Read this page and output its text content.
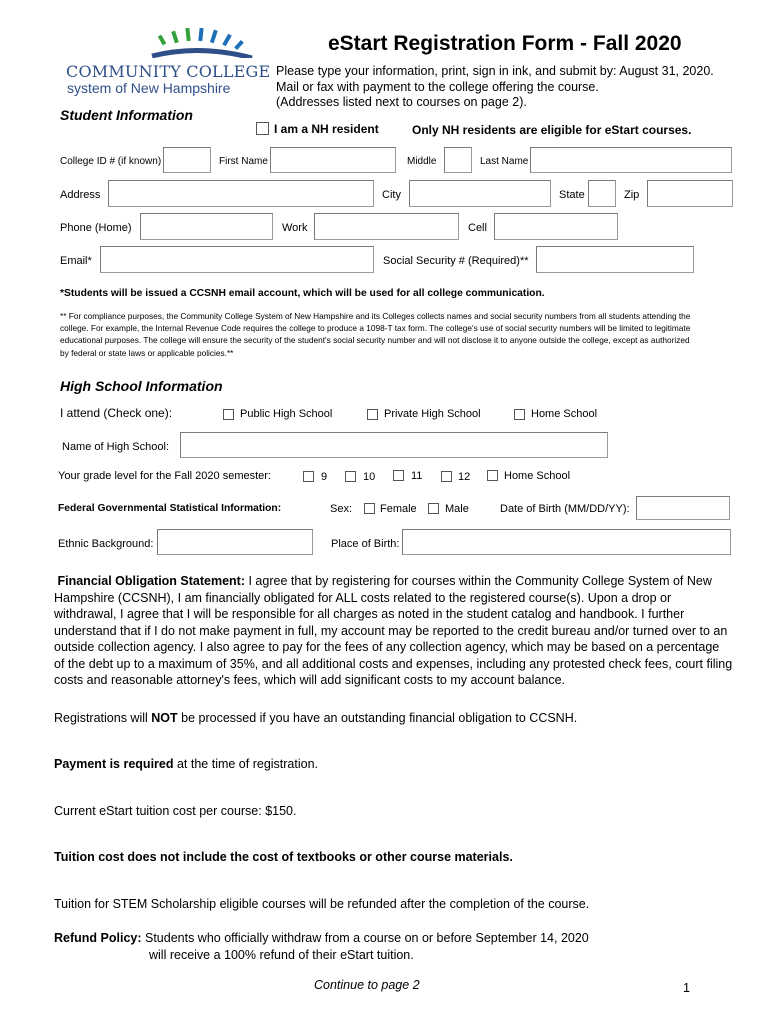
COMMUNITY COLLEGE
system of New Hampshire
eStart Registration Form - Fall 2020
Please type your information, print, sign in ink, and submit by: August 31, 2020.
Mail or fax with payment to the college offering the course.
(Addresses listed next to courses on page 2).
Student Information
I am a NH resident	Only NH residents are eligible for eStart courses.
College ID # (if known)	First Name	Middle	Last Name
Address	City	State	Zip
Phone (Home)	Work	Cell
Email*	Social Security # (Required)**
*Students will be issued a CCSNH email account, which will be used for all college communication.
** For compliance purposes, the Community College System of New Hampshire and its Colleges collects names and social security numbers from all students attending the
college. For example, the Internal Revenue Code requires the college to produce a 1098-T tax form. The college's use of social security numbers will be limited to legitimate
educational purposes. The college will ensure the security of the student's social security number and will not disclose it to anyone outside the college, except as authorized
by federal or state laws or applicable policies.**
High School Information
I attend (Check one):	Public High School	Private High School	Home School
Name of High School:
Your grade level for the Fall 2020 semester:	9	10	11	12	Home School
Federal Governmental Statistical Information:	Sex:	Female	Male	Date of Birth (MM/DD/YY):
Ethnic Background:	Place of Birth:
Financial Obligation Statement: I agree that by registering for courses within the Community College System of New
Hampshire (CCSNH), I am financially obligated for ALL costs related to the registered course(s). Upon a drop or
withdrawal, I agree that I will be responsible for all charges as noted in the student catalog and handbook. I further
understand that if I do not make payment in full, my account may be reported to the credit bureau and/or turned over to an
outside collection agency. I also agree to pay for the fees of any collection agency, which may be based on a percentage
of the debt up to a maximum of 35%, and all additional costs and expenses, including any protested check fees, court filing
costs and reasonable attorney's fees, which will add significant costs to my account balance.
Registrations will NOT be processed if you have an outstanding financial obligation to CCSNH.
Payment is required at the time of registration.
Current eStart tuition cost per course: $150.
Tuition cost does not include the cost of textbooks or other course materials.
Tuition for STEM Scholarship eligible courses will be refunded after the completion of the course.
Refund Policy: Students who officially withdraw from a course on or before September 14, 2020
will receive a 100% refund of their eStart tuition.
Continue to page 2	1
